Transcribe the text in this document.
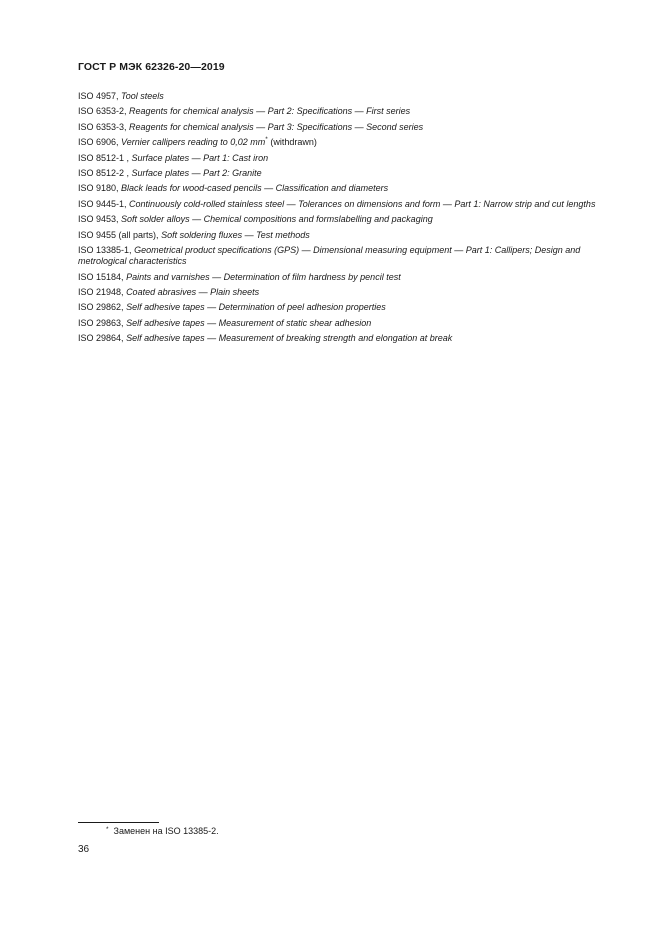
ГОСТ Р МЭК 62326-20—2019
ISO 4957, Tool steels
ISO 6353-2, Reagents for chemical analysis — Part 2: Specifications — First series
ISO 6353-3, Reagents for chemical analysis — Part 3: Specifications — Second series
ISO 6906, Vernier callipers reading to 0,02 mm* (withdrawn)
ISO 8512-1 , Surface plates — Part 1: Cast iron
ISO 8512-2 , Surface plates — Part 2: Granite
ISO 9180, Black leads for wood-cased pencils — Classification and diameters
ISO 9445-1, Continuously cold-rolled stainless steel — Tolerances on dimensions and form — Part 1: Narrow strip and cut lengths
ISO 9453, Soft solder alloys — Chemical compositions and formslabelling and packaging
ISO 9455 (all parts), Soft soldering fluxes — Test methods
ISO 13385-1, Geometrical product specifications (GPS) — Dimensional measuring equipment — Part 1: Callipers; Design and metrological characteristics
ISO 15184, Paints and varnishes — Determination of film hardness by pencil test
ISO 21948, Coated abrasives — Plain sheets
ISO 29862, Self adhesive tapes — Determination of peel adhesion properties
ISO 29863, Self adhesive tapes — Measurement of static shear adhesion
ISO 29864, Self adhesive tapes — Measurement of breaking strength and elongation at break
* Заменен на ISO 13385-2.
36
